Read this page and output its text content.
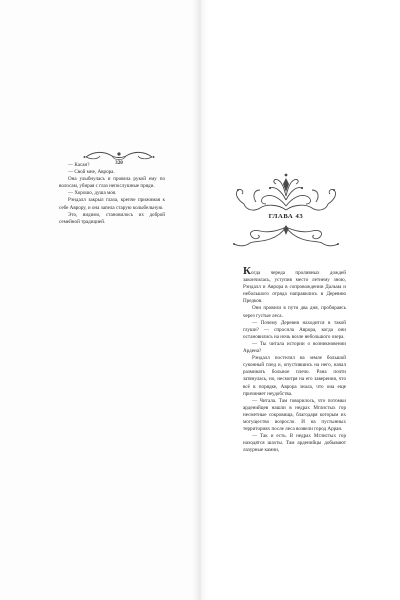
320

— Касан?

— Свой мне, Аврора.

Она улыбнулась и провела рукой ему по волосам, убирая с глаз непослушные пряди.

— Хорошо, душа моя.

Рэндалл закрыл глаза, крепче прижимая к себе Аврору, и она запела старую колыбельную.

Это, видимо, становилось их доброй семейной традицией.

ГЛАВА 43

Когда череда проливных дождей закончилась, уступив место летнему зною, Рэндалл и Аврора в сопровождении Дальма и небольшого отряда направились в Деревню Предков.

Они провели в пути два дня, пробираясь через густые леса.

— Почему Деревня находится в такой глуши? — спросила Аврора, когда они остановились на ночь возле небольшого озера.

— Ты читала истории о возникновении Ардена?

Рэндалл постелил на земле большой суконный плед и, опустившись на него, начал разминать больное плечо. Рана почти затянулась, но, несмотря на его заверения, что всё в порядке, Аврора знала, что она еще причиняет неудобства.

— Читала. Там говорилось, что потомки арденийцев нашли в недрах Мглистых гор несметные сокровища, благодаря которым их могущество возросло. И на пустынных территориях после леса возвели город Арран.

— Так и есть. В недрах Мглистых гор находятся шахты. Там арденийцы добывают лазурные камни,
